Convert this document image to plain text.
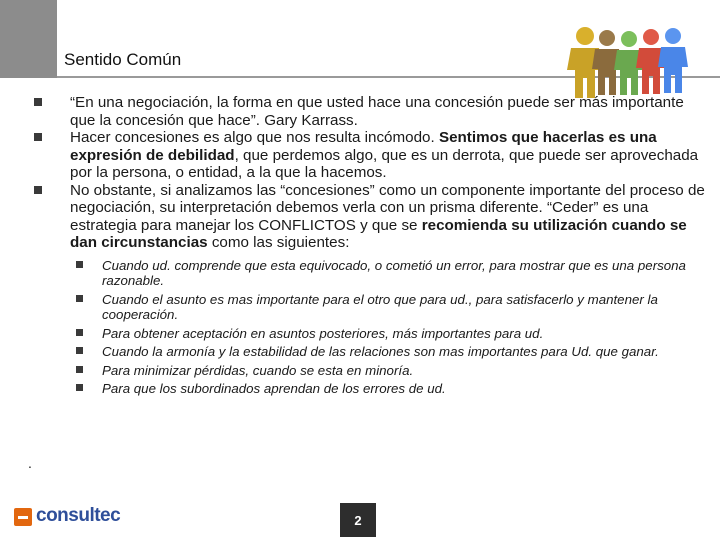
Sentido Común

“En una negociación, la forma en que usted hace una concesión puede ser más importante que la concesión que hace”. Gary Karrass.

Hacer concesiones es algo que nos resulta incómodo. Sentimos que hacerlas es una expresión de debilidad, que perdemos algo, que es un derrota, que puede ser aprovechada por la persona, o entidad, a la que la hacemos.

No obstante, si analizamos las “concesiones” como un componente importante del proceso de negociación, su interpretación debemos verla con un prisma diferente. “Ceder” es una estrategia para manejar los CONFLICTOS y que se recomienda su utilización cuando se dan circunstancias como las siguientes:

Cuando ud. comprende que esta equivocado, o cometió un error, para mostrar que es una persona razonable.

Cuando el asunto es mas importante para el otro que para ud., para satisfacerlo y mantener la cooperación.

Para obtener aceptación en asuntos posteriores, más importantes para ud.

Cuando la armonía y la estabilidad de las relaciones son mas importantes para Ud. que ganar.

Para minimizar pérdidas, cuando se esta en minoría.

Para que los subordinados aprendan de los errores de ud.

.
consultec	2
